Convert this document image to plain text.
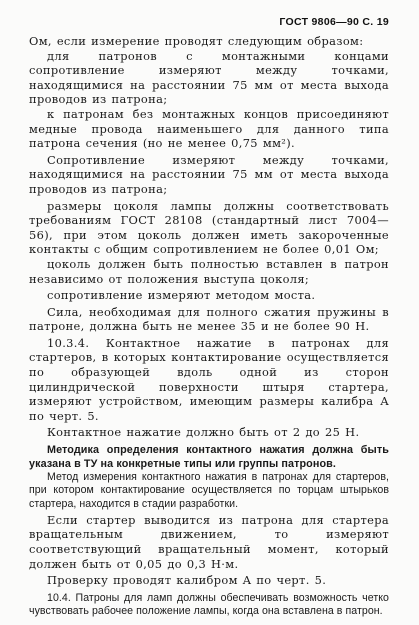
ГОСТ 9806—90 С. 19

Ом, если измерение проводят следующим образом:

для патронов с монтажными концами сопротивление измеряют между точками, находящимися на расстоянии 75 мм от места выхода проводов из патрона;

к патронам без монтажных концов присоединяют медные провода наименьшего для данного типа патрона сечения (но не менее 0,75 мм²).

Сопротивление измеряют между точками, находящимися на расстоянии 75 мм от места выхода проводов из патрона;

размеры цоколя лампы должны соответствовать требованиям ГОСТ 28108 (стандартный лист 7004—56), при этом цоколь должен иметь закороченные контакты с общим сопротивлением не более 0,01 Ом;

цоколь должен быть полностью вставлен в патрон независимо от положения выступа цоколя;

сопротивление измеряют методом моста.

Сила, необходимая для полного сжатия пружины в патроне, должна быть не менее 35 и не более 90 Н.

10.3.4. Контактное нажатие в патронах для стартеров, в которых контактирование осуществляется по образующей вдоль одной из сторон цилиндрической поверхности штыря стартера, измеряют устройством, имеющим размеры калибра A по черт. 5.

Контактное нажатие должно быть от 2 до 25 Н.

Методика определения контактного нажатия должна быть указана в ТУ на конкретные типы или группы патронов.

Метод измерения контактного нажатия в патронах для стартеров, при котором контактирование осуществляется по торцам штырьков стартера, находится в стадии разработки.

Если стартер выводится из патрона для стартера вращательным движением, то измеряют соответствующий вращательный момент, который должен быть от 0,05 до 0,3 Н·м.

Проверку проводят калибром A по черт. 5.

10.4. Патроны для ламп должны обеспечивать возможность четко чувствовать рабочее положение лампы, когда она вставлена в патрон.
